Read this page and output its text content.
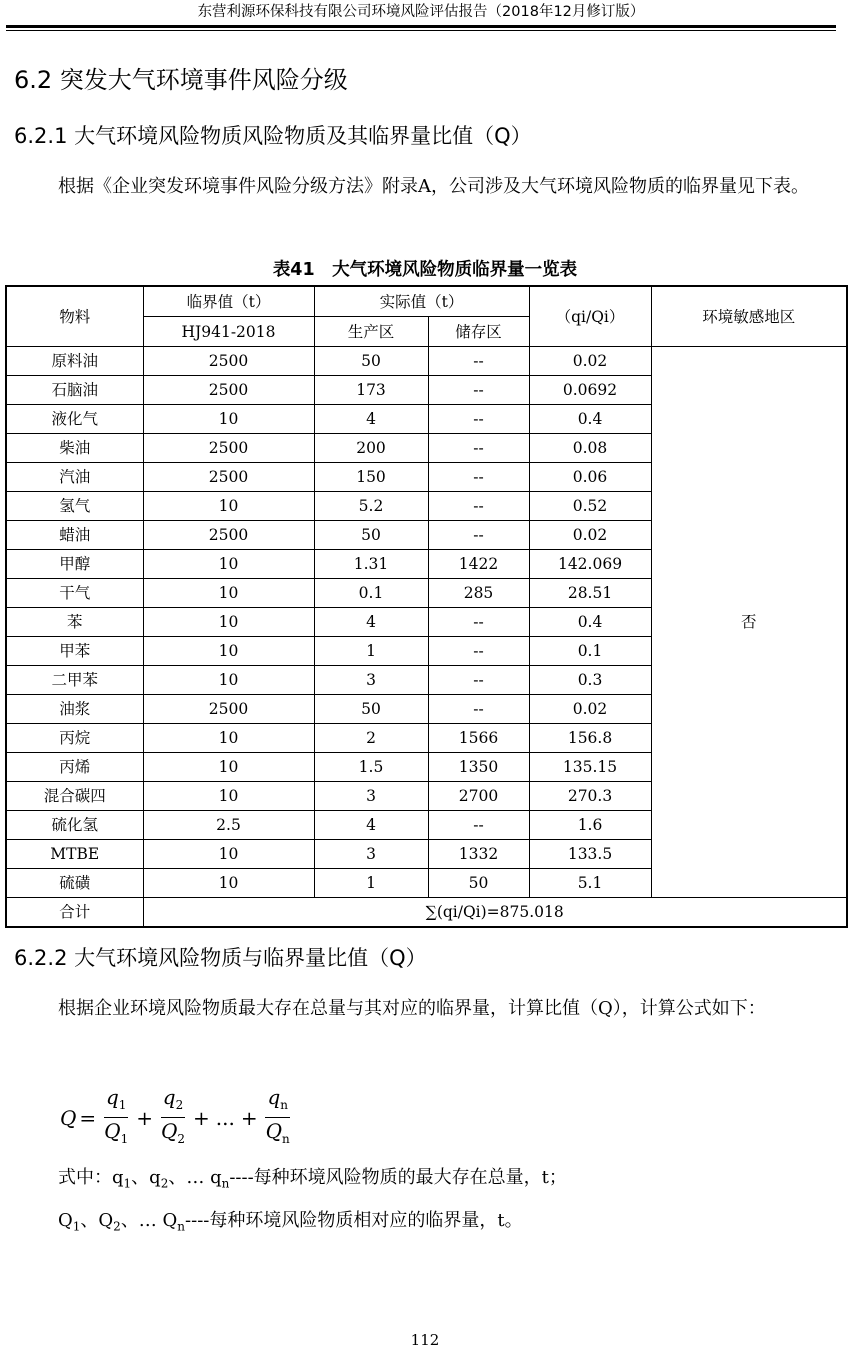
东营利源环保科技有限公司环境风险评估报告（2018年12月修订版）
6.2 突发大气环境事件风险分级
6.2.1 大气环境风险物质风险物质及其临界量比值（Q）

根据《企业突发环境事件风险分级方法》附录A，公司涉及大气环境风险物质的临界量见下表。

表41　大气环境风险物质临界量一览表
物料	临界值（t）	实际值（t）		（qi/Qi）	环境敏感地区
	HJ941-2018	生产区	储存区		
原料油	2500	50	--	0.02	否
石脑油	2500	173	--	0.0692	
液化气	10	4	--	0.4	
柴油	2500	200	--	0.08	
汽油	2500	150	--	0.06	
氢气	10	5.2	--	0.52	
蜡油	2500	50	--	0.02	
甲醇	10	1.31	1422	142.069	
干气	10	0.1	285	28.51	
苯	10	4	--	0.4	
甲苯	10	1	--	0.1	
二甲苯	10	3	--	0.3	
油浆	2500	50	--	0.02	
丙烷	10	2	1566	156.8	
丙烯	10	1.5	1350	135.15	
混合碳四	10	3	2700	270.3	
硫化氢	2.5	4	--	1.6	
MTBE	10	3	1332	133.5	
硫磺	10	1	50	5.1	
合计	∑(qi/Qi)=875.018				
6.2.2 大气环境风险物质与临界量比值（Q）

根据企业环境风险物质最大存在总量与其对应的临界量，计算比值（Q），计算公式如下：

$Q = \frac{q_1}{Q_1} + \frac{q_2}{Q_2}$ + ... + $\frac{q_n}{Q_n}$
式中：$q_1$、$q_2$、… $q_n----$每种环境风险物质的最大存在总量，t；
$Q_1$、$Q_2$、… $Q_n----$每种环境风险物质相对应的临界量，t。
112
